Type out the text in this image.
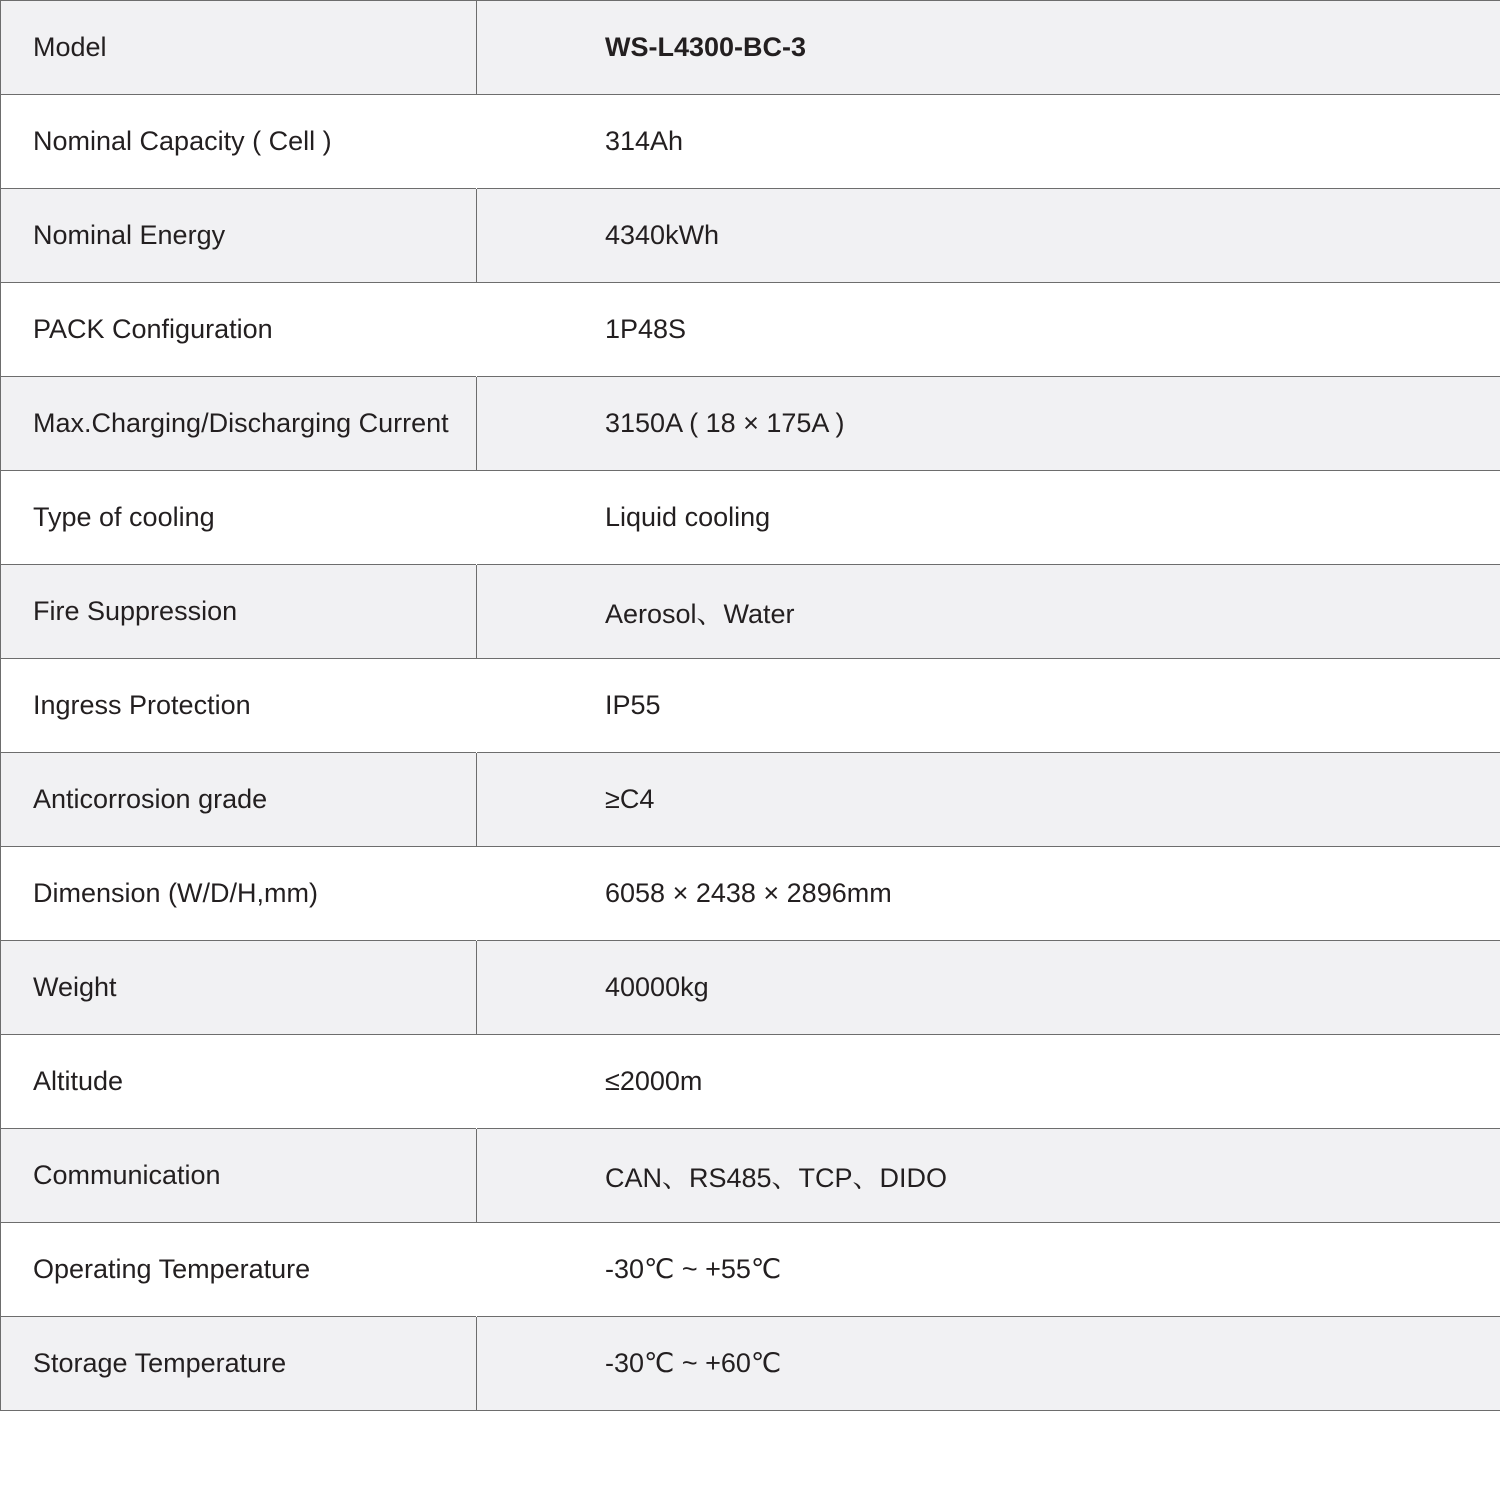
Model	WS-L4300-BC-3
Nominal Capacity ( Cell )	314Ah
Nominal Energy	4340kWh
PACK Configuration	1P48S
Max.Charging/Discharging Current	3150A ( 18 × 175A )
Type of cooling	Liquid cooling
Fire Suppression	Aerosol、Water
Ingress Protection	IP55
Anticorrosion grade	≥C4
Dimension (W/D/H,mm)	6058 × 2438 × 2896mm
Weight	40000kg
Altitude	≤2000m
Communication	CAN、RS485、TCP、DIDO
Operating Temperature	-30℃ ~ +55℃
Storage Temperature	-30℃ ~ +60℃
